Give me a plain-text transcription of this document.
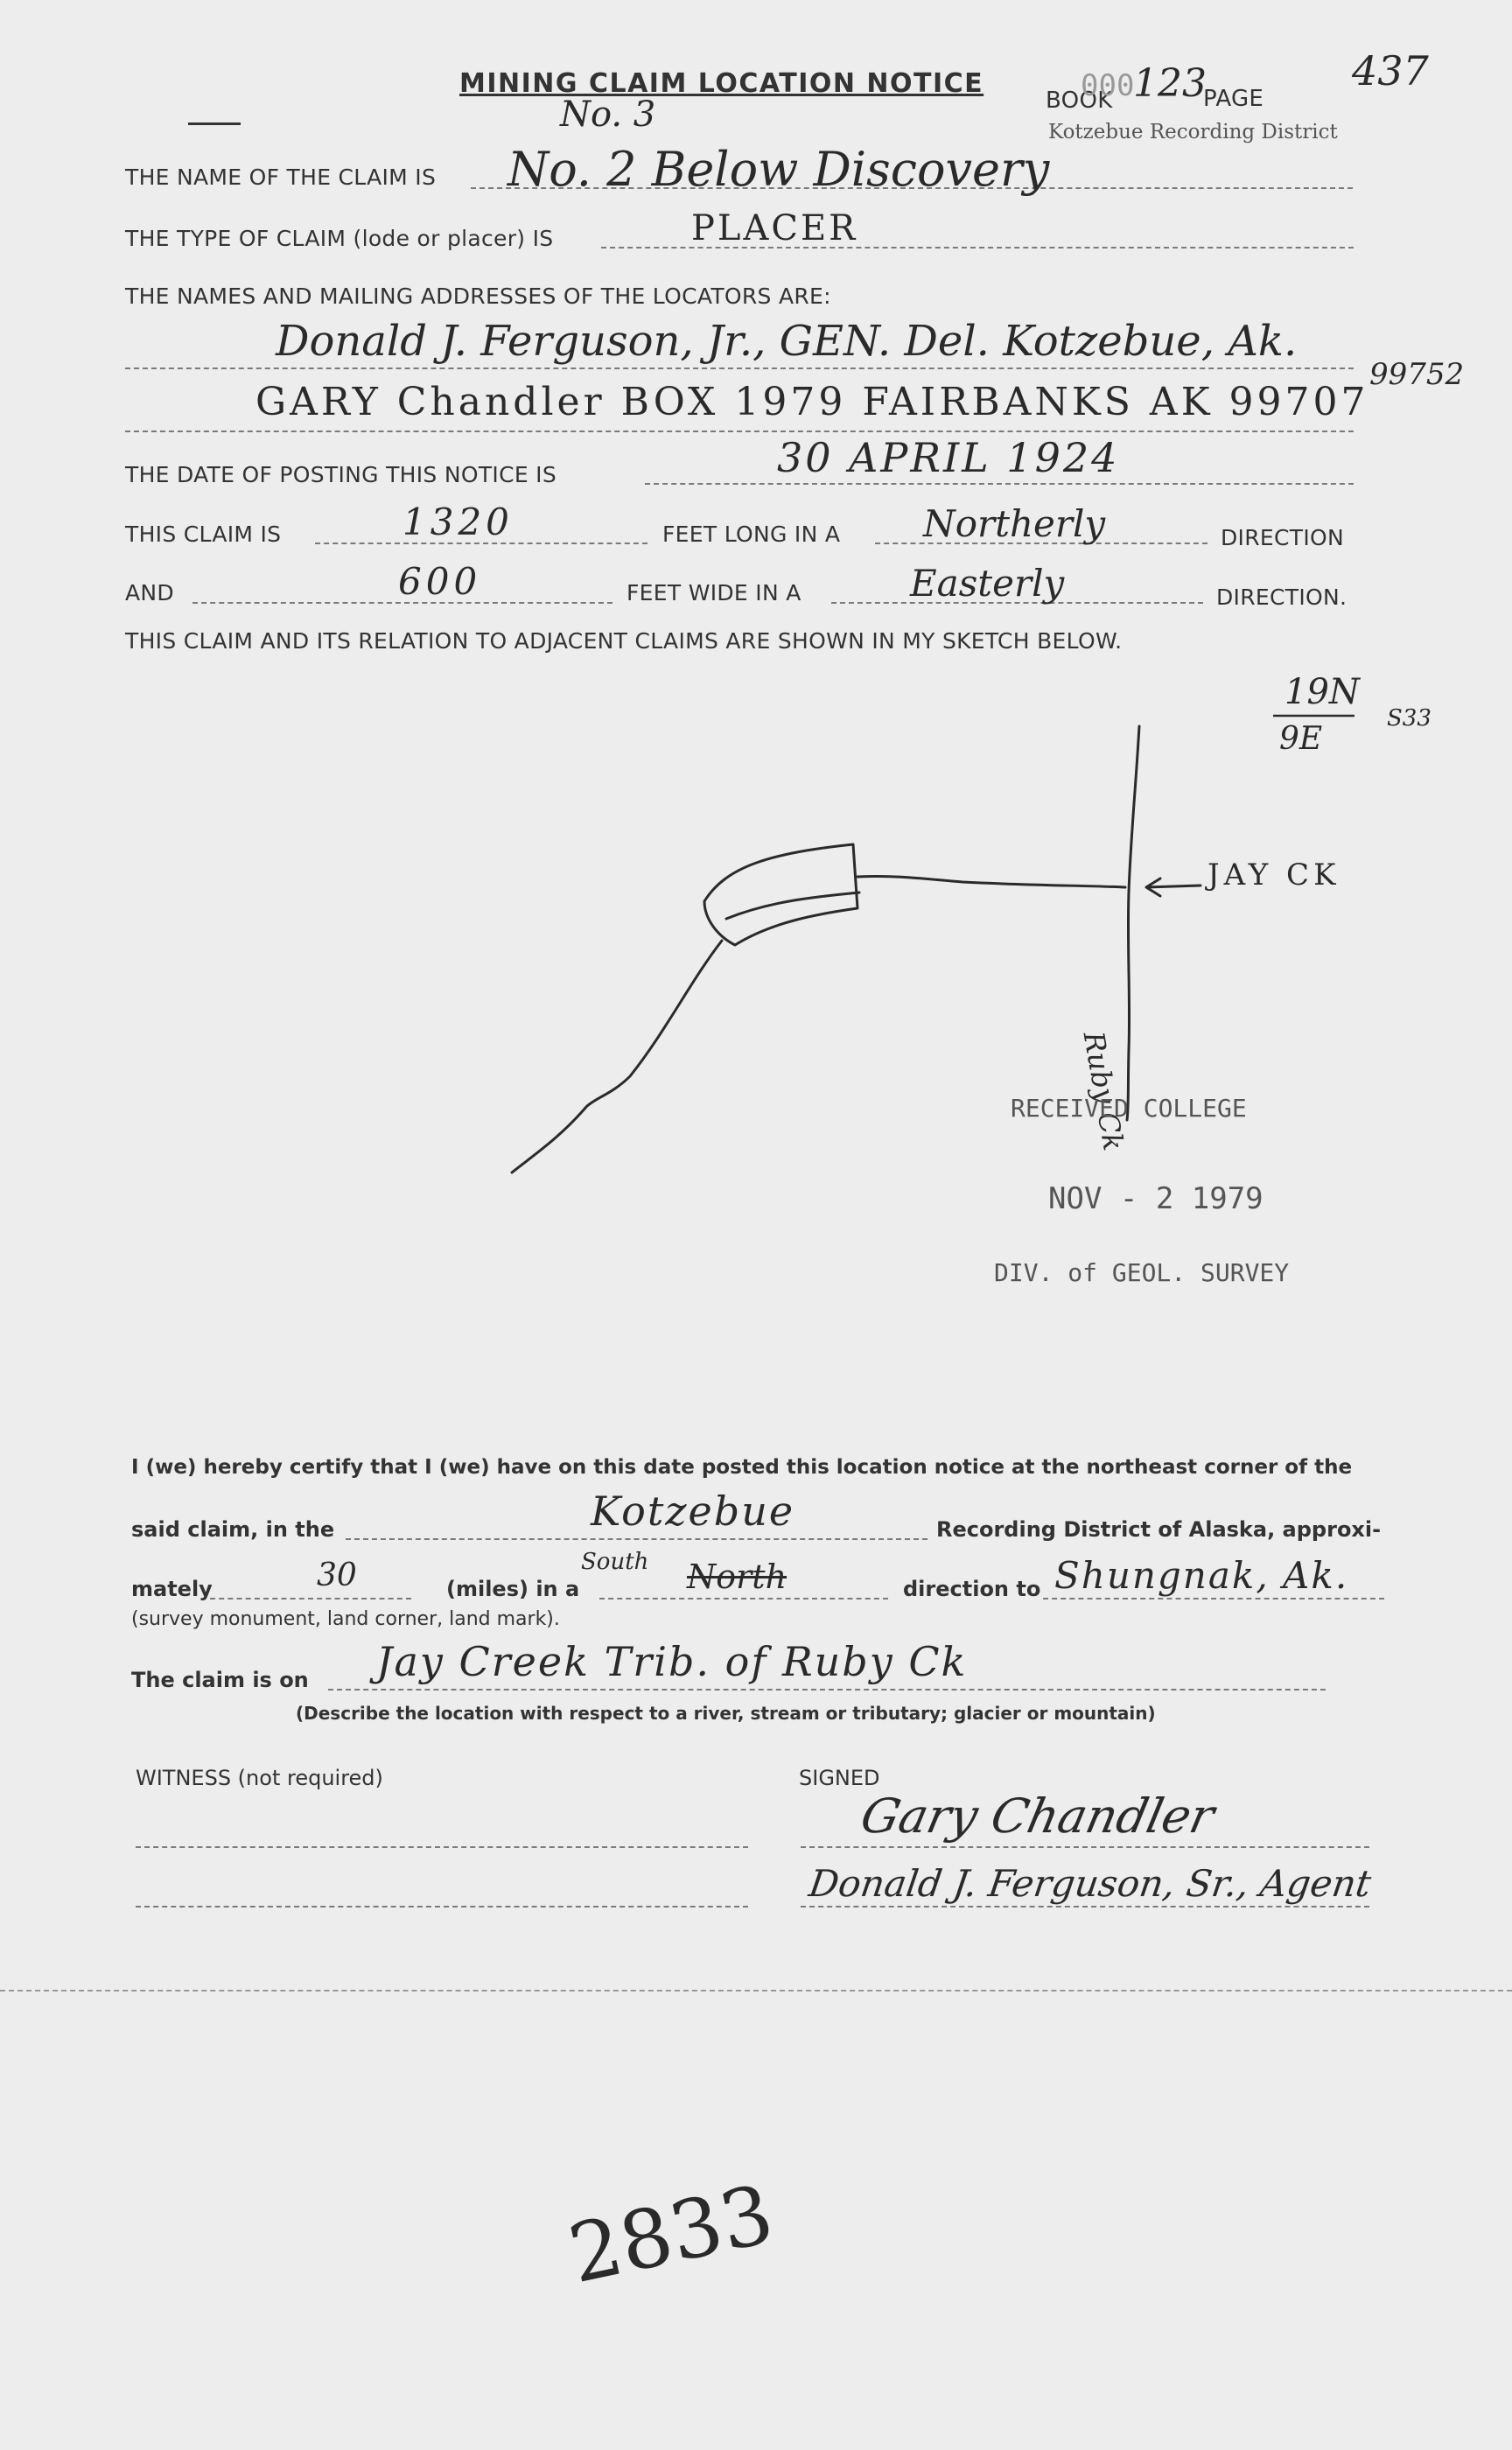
MINING CLAIM LOCATION NOTICE
No. 3	BOOK
000
123
PAGE
437
Kotzebue Recording District
THE NAME OF THE CLAIM IS No. 2 Below Discovery
THE TYPE OF CLAIM (lode or placer) IS	PLACER
THE NAMES AND MAILING ADDRESSES OF THE LOCATORS ARE:
Donald J. Ferguson, Jr., GEN. Del. Kotzebue, Ak.
99752
GARY Chandler BOX 1979 FAIRBANKS AK 99707
THE DATE OF POSTING THIS NOTICE IS	30 APRIL 1924
THIS CLAIM IS	1320	FEET LONG IN A Northerly	DIRECTION
AND	600	FEET WIDE IN A	Easterly	DIRECTION.
THIS CLAIM AND ITS RELATION TO ADJACENT CLAIMS ARE SHOWN IN MY SKETCH BELOW.
19N
9E
S33
JAY CK
Ruby Ck
RECEIVED COLLEGE
NOV - 2 1979
DIV. of GEOL. SURVEY
I (we) hereby certify that I (we) have on this date posted this location notice at the northeast corner of the
said claim, in the	Kotzebue	Recording District of Alaska, approxi-
mately	30	(miles) in a
South North	direction to Shungnak, Ak.
(survey monument, land corner, land mark).
The claim is on Jay Creek Trib. of Ruby Ck
(Describe the location with respect to a river, stream or tributary; glacier or mountain)
WITNESS (not required)	SIGNED
Gary Chandler
Donald J. Ferguson, Sr., Agent
2833
